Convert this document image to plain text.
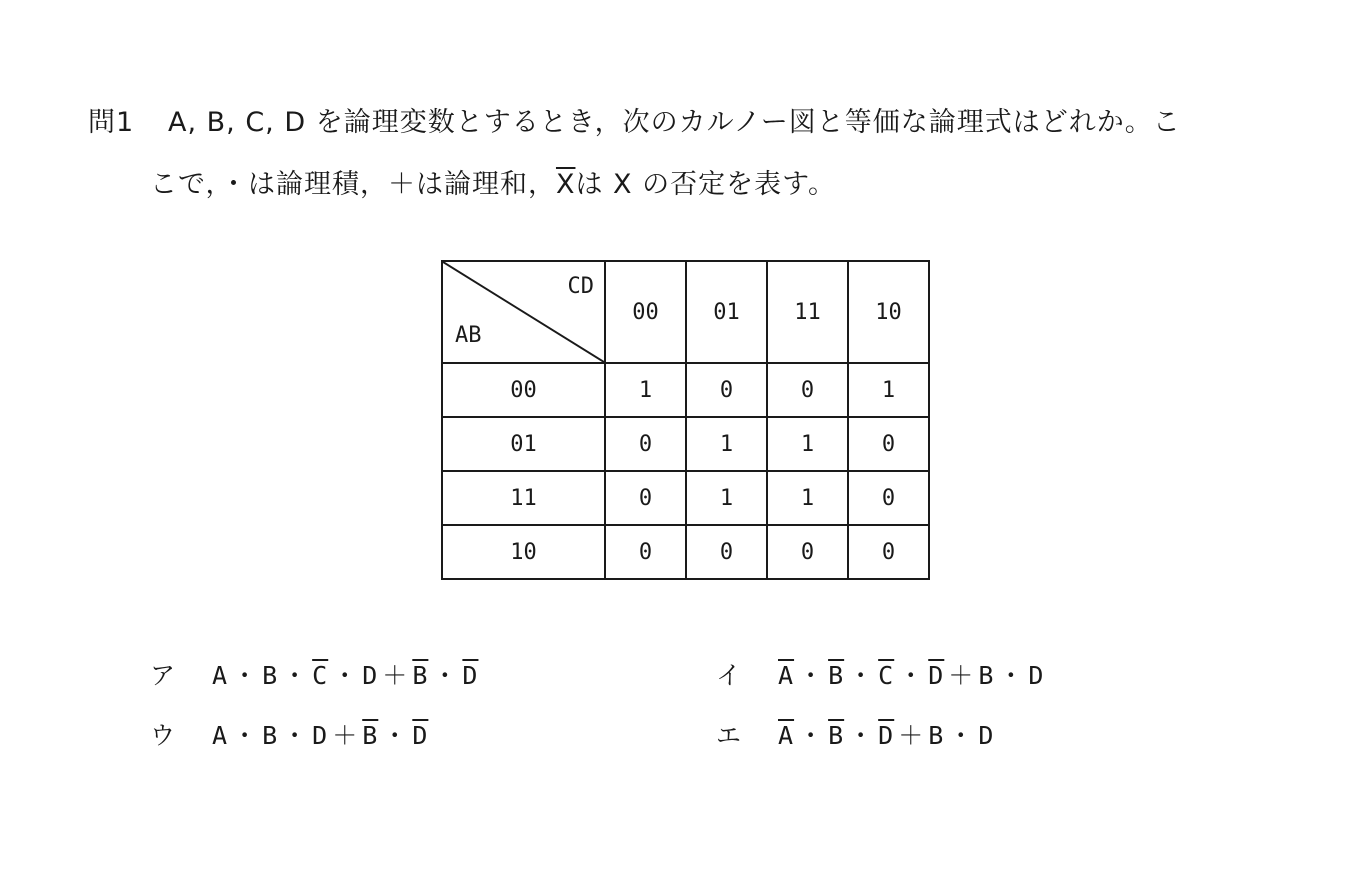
問1 A, B, C, D を論理変数とするとき，次のカルノー図と等価な論理式はどれか。こ
こで，・は論理積，＋は論理和，$\overline{X}$は X の否定を表す。
CD
AB	00	01	11	10
00	1	0	0	1
01	0	1	1	0
11	0	1	1	0
10	0	0	0	0
ア A ・ B ・ $\overline{C}$ ・ $D + \overline{B}$ ・ $\overline{D}$	イ $\overline{A}$ ・ $\overline{B}$ ・ $\overline{C}$ ・ $\overline{D} + B$ ・ D
ウ A ・ B ・ $D + \overline{B}$ ・ $\overline{D}$	エ $\overline{A}$ ・ $\overline{B}$ ・ $\overline{D} + B$ ・ D
